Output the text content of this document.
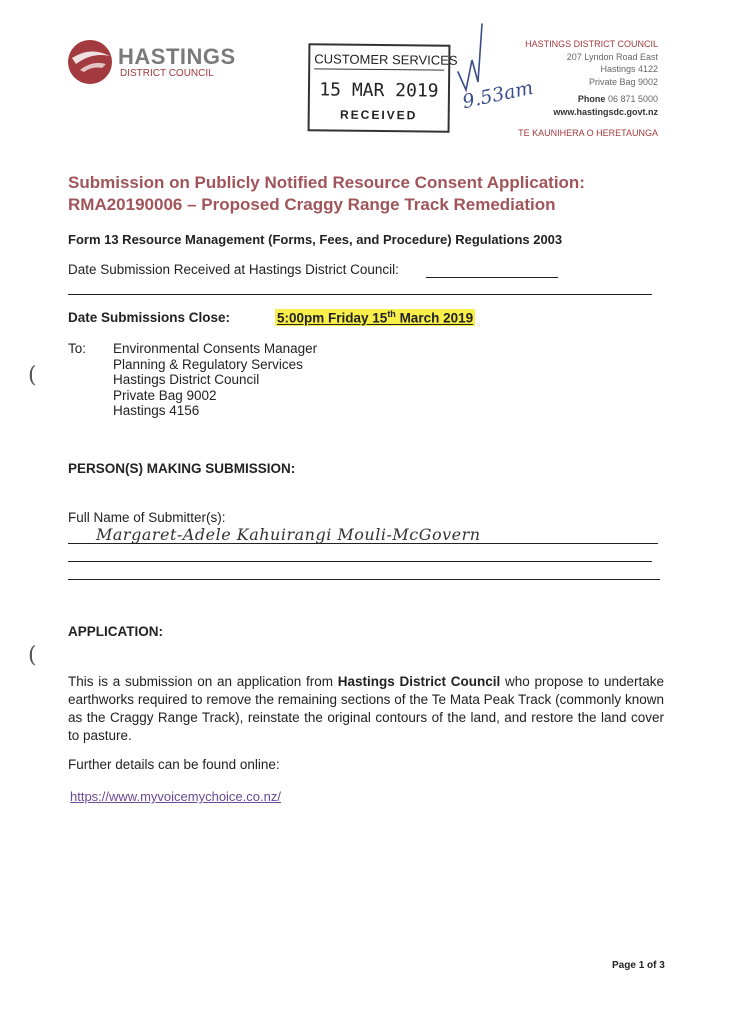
HASTINGS
DISTRICT COUNCIL
CUSTOMER SERVICES
15 MAR 2019
RECEIVED
9.53am
HASTINGS DISTRICT COUNCIL
207 Lyndon Road East
Hastings 4122
Private Bag 9002
Phone 06 871 5000
www.hastingsdc.govt.nz
TE KAUNIHERA O HERETAUNGA
Submission on Publicly Notified Resource Consent Application:
RMA20190006 – Proposed Craggy Range Track Remediation
Form 13 Resource Management (Forms, Fees, and Procedure) Regulations 2003
Date Submission Received at Hastings District Council:
Date Submissions Close:	5:00pm Friday 15th March 2019
To: Environmental Consents Manager
Planning & Regulatory Services
Hastings District Council
Private Bag 9002
Hastings 4156
(
(
PERSON(S) MAKING SUBMISSION:
Full Name of Submitter(s):
Margaret-Adele Kahuirangi Mouli-McGovern
APPLICATION:
This is a submission on an application from Hastings District Council who propose to undertake earthworks required to remove the remaining sections of the Te Mata Peak Track (commonly known as the Craggy Range Track), reinstate the original contours of the land, and restore the land cover to pasture.
Further details can be found online:
https://www.myvoicemychoice.co.nz/
Page 1 of 3
